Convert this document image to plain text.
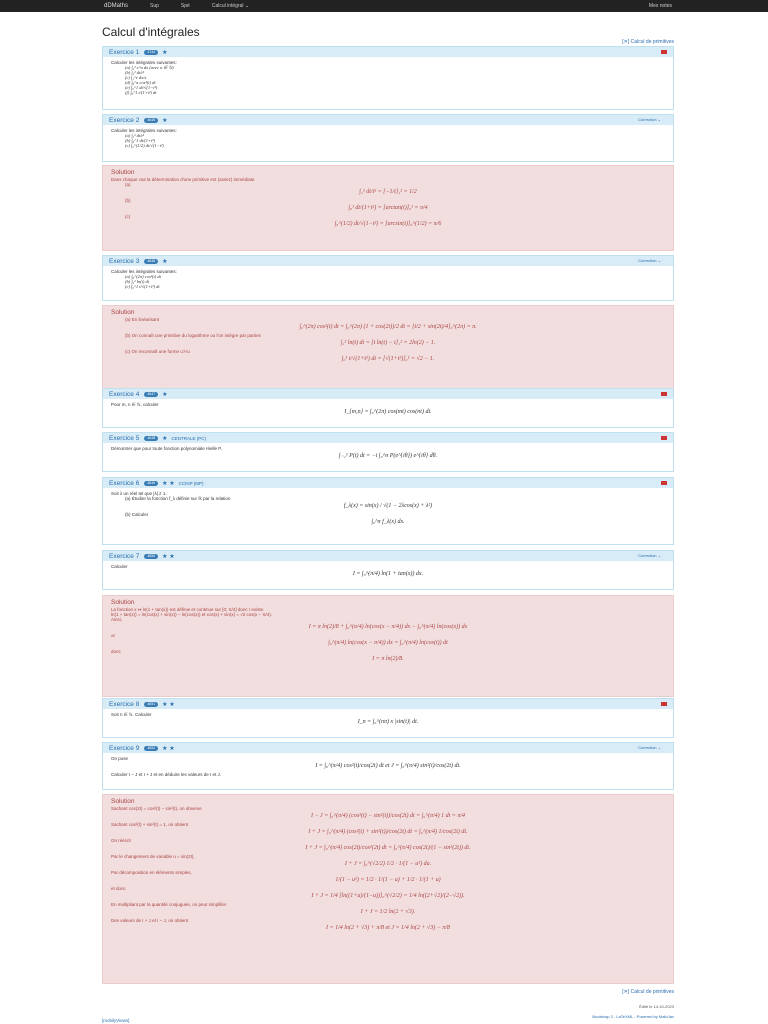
dDMaths	Sup	Spé	Calcul intégral ⌄	Mes notes
Calcul d'intégrales
[✕] Calcul de primitives
Exercice 1	4744	★
Calculer les intégrales suivantes:
(a) ∫₁² x^n dx (avec n ∈ ℕ)
(b) ∫₁² dt/t²
(c) ∫₁^e dx/x
(d) ∫₀^π cos²(t) dt
(e) ∫₀^1 dt/√(1−t²)
(f) ∫₀^1 t/(1+t²) dt
Exercice 2	4645	★	Correction ⌄
Calculer les intégrales suivantes:
(a) ∫₁² dt/t²
(b) ∫₀^1 dt/(1+t²)
(c) ∫₀^(1/2) dt/√(1−t²)
Solution
Dans chaque cas la détermination d'une primitive est (assez) immédiate
(a)
∫₁² dt/t² = [−1/t]₁² = 1/2
(b)
∫₀¹ dt/(1+t²) = [arctan(t)]₀¹ = π/4
(c)
∫₀^(1/2) dt/√(1−t²) = [arcsin(t)]₀^(1/2) = π/6
Exercice 3	4646	★	Correction ⌄
Calculer les intégrales suivantes:
(a) ∫₀^(2π) cos²(t) dt
(b) ∫₁² ln(t) dt
(c) ∫₀^1 t/√(1+t²) dt
Solution
(a) En linéarisant
∫₀^(2π) cos²(t) dt = ∫₀^(2π) (1 + cos(2t))/2 dt = [t/2 + sin(2t)/4]₀^(2π) = π.
(b) On connaît une primitive du logarithme ou l'on intègre par parties
∫₁² ln(t) dt = [t ln(t) − t]₁² = 2ln(2) − 1.
(c) On reconnaît une forme u'/√u
∫₀¹ t/√(1+t²) dt = [√(1+t²)]₀¹ = √2 − 1.
Exercice 4	4647	★
Pour m, n ∈ ℕ, calculer
I_{m,n} = ∫₀^(2π) cos(mt) cos(nt) dt.
Exercice 5	4648	★ CENTRALE (PC)
Démontrer que pour toute fonction polynomiale réelle P,
∫₋₁¹ P(t) dt = −i ∫₀^π P(e^{iθ}) e^{iθ} dθ.
Exercice 6	4649	★ ★ CCINP (MP)
Soit λ un réel tel que |λ| ≠ 1.
(a) Étudier la fonction f_λ définie sur ℝ par la relation
f_λ(x) = sin(x) / √(1 − 2λcos(x) + λ²)
(b) Calculer
∫₀^π f_λ(x) dx.
Exercice 7	4650	★ ★	Correction ⌄
Calculer
I = ∫₀^(π/4) ln(1 + tan(x)) dx.
Solution
La fonction x ↦ ln(1 + tan(x)) est définie et continue sur [0; π/4] donc I existe.
ln(1 + tan(x)) = ln(cos(x) + sin(x)) − ln(cos(x)) et cos(x) + sin(x) = √2 cos(x − π/4).
Ainsi,
I = π ln(2)/8 + ∫₀^(π/4) ln(cos(x − π/4)) dx − ∫₀^(π/4) ln(cos(x)) dx
or
∫₀^(π/4) ln(cos(x − π/4)) dx = ∫₀^(π/4) ln(cos(t)) dt
donc
I = π ln(2)/8.
Exercice 8	4651	★ ★
Soit n ∈ ℕ. Calculer
I_n = ∫₀^(nπ) x |sin(t)| dt.
Exercice 9	4652	★ ★	Correction ⌄
On pose
I = ∫₀^(π/4) cos²(t)/cos(2t) dt et J = ∫₀^(π/4) sin²(t)/cos(2t) dt.
Calculer I − J et I + J et en déduire les valeurs de I et J.
Solution
Sachant cos(2t) = cos²(t) − sin²(t), on observe
I − J = ∫₀^(π/4) (cos²(t) − sin²(t))/cos(2t) dt = ∫₀^(π/4) 1 dt = π/4
Sachant cos²(t) + sin²(t) = 1, on obtient
I + J = ∫₀^(π/4) (cos²(t) + sin²(t))/cos(2t) dt = ∫₀^(π/4) 1/cos(2t) dt.
On réécrit
I + J = ∫₀^(π/4) cos(2t)/cos²(2t) dt = ∫₀^(π/4) cos(2t)/(1 − sin²(2t)) dt.
Par le changement de variable u = sin(2t),
I + J = ∫₀^(√2/2) 1/2 · 1/(1 − u²) du.
Par décomposition en éléments simples,
1/(1 − u²) = 1/2 · 1/(1 − u) + 1/2 · 1/(1 + u)
et donc
I + J = 1/4 [ln((1+u)/(1−u))]₀^(√2/2) = 1/4 ln((2+√2)/(2−√2)).
En multipliant par la quantité conjuguée, on peut simplifier
I + J = 1/2 ln(2 + √3).
Des valeurs de I + J et I − J, on obtient
I = 1/4 ln(2 + √3) + π/8 et J = 1/4 ln(2 + √3) − π/8
[✕] Calcul de primitives
Édité le 14-10-2023
Bootstrap 3 - LaTeXML - Powered by MathJax
[mobilyViews]
